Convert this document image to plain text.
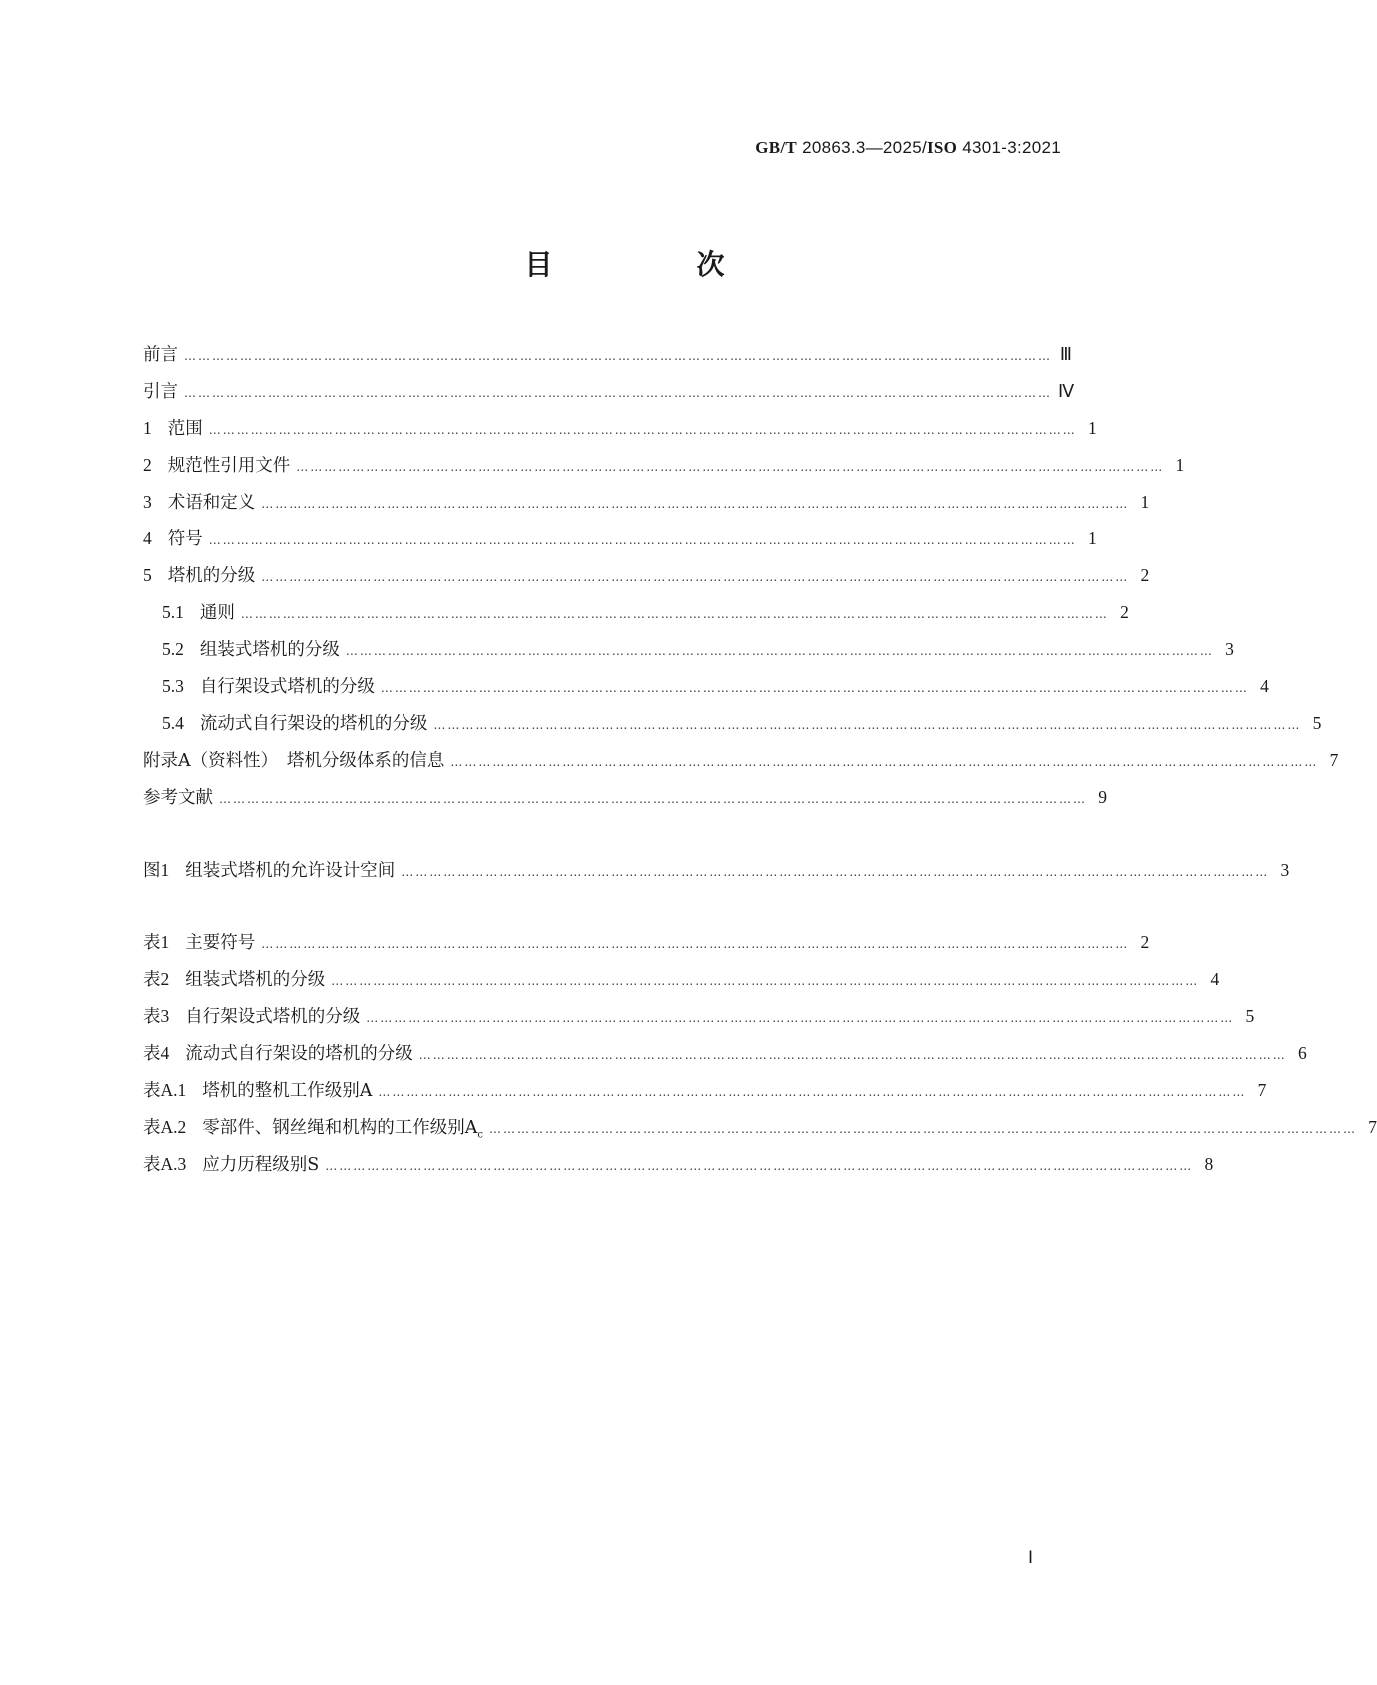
GB/T 20863.3—2025/ISO 4301-3:2021
目　次
前言 …………………………………………………………………………………………………………………………………………………………………… Ⅲ
引言 …………………………………………………………………………………………………………………………………………………………………… Ⅳ
1 范围 …………………………………………………………………………………………………………………………………………………………………… 1
2 规范性引用文件 …………………………………………………………………………………………………………………………………………………………………… 1
3 术语和定义 …………………………………………………………………………………………………………………………………………………………………… 1
4 符号 …………………………………………………………………………………………………………………………………………………………………… 1
5 塔机的分级 …………………………………………………………………………………………………………………………………………………………………… 2
5.1 通则 …………………………………………………………………………………………………………………………………………………………………… 2
5.2 组装式塔机的分级 …………………………………………………………………………………………………………………………………………………………………… 3
5.3 自行架设式塔机的分级 …………………………………………………………………………………………………………………………………………………………………… 4
5.4 流动式自行架设的塔机的分级 …………………………………………………………………………………………………………………………………………………………………… 5
附录A（资料性）　塔机分级体系的信息 …………………………………………………………………………………………………………………………………………………………………… 7
参考文献 …………………………………………………………………………………………………………………………………………………………………… 9
图1 组装式塔机的允许设计空间 …………………………………………………………………………………………………………………………………………………………………… 3
表1 主要符号 …………………………………………………………………………………………………………………………………………………………………… 2
表2 组装式塔机的分级 …………………………………………………………………………………………………………………………………………………………………… 4
表3 自行架设式塔机的分级 …………………………………………………………………………………………………………………………………………………………………… 5
表4 流动式自行架设的塔机的分级 …………………………………………………………………………………………………………………………………………………………………… 6
表A.1 塔机的整机工作级别A …………………………………………………………………………………………………………………………………………………………………… 7
表A.2 零部件、钢丝绳和机构的工作级别$A_c$ …………………………………………………………………………………………………………………………………………………………………… 7
表A.3 应力历程级别S …………………………………………………………………………………………………………………………………………………………………… 8
Ⅰ
